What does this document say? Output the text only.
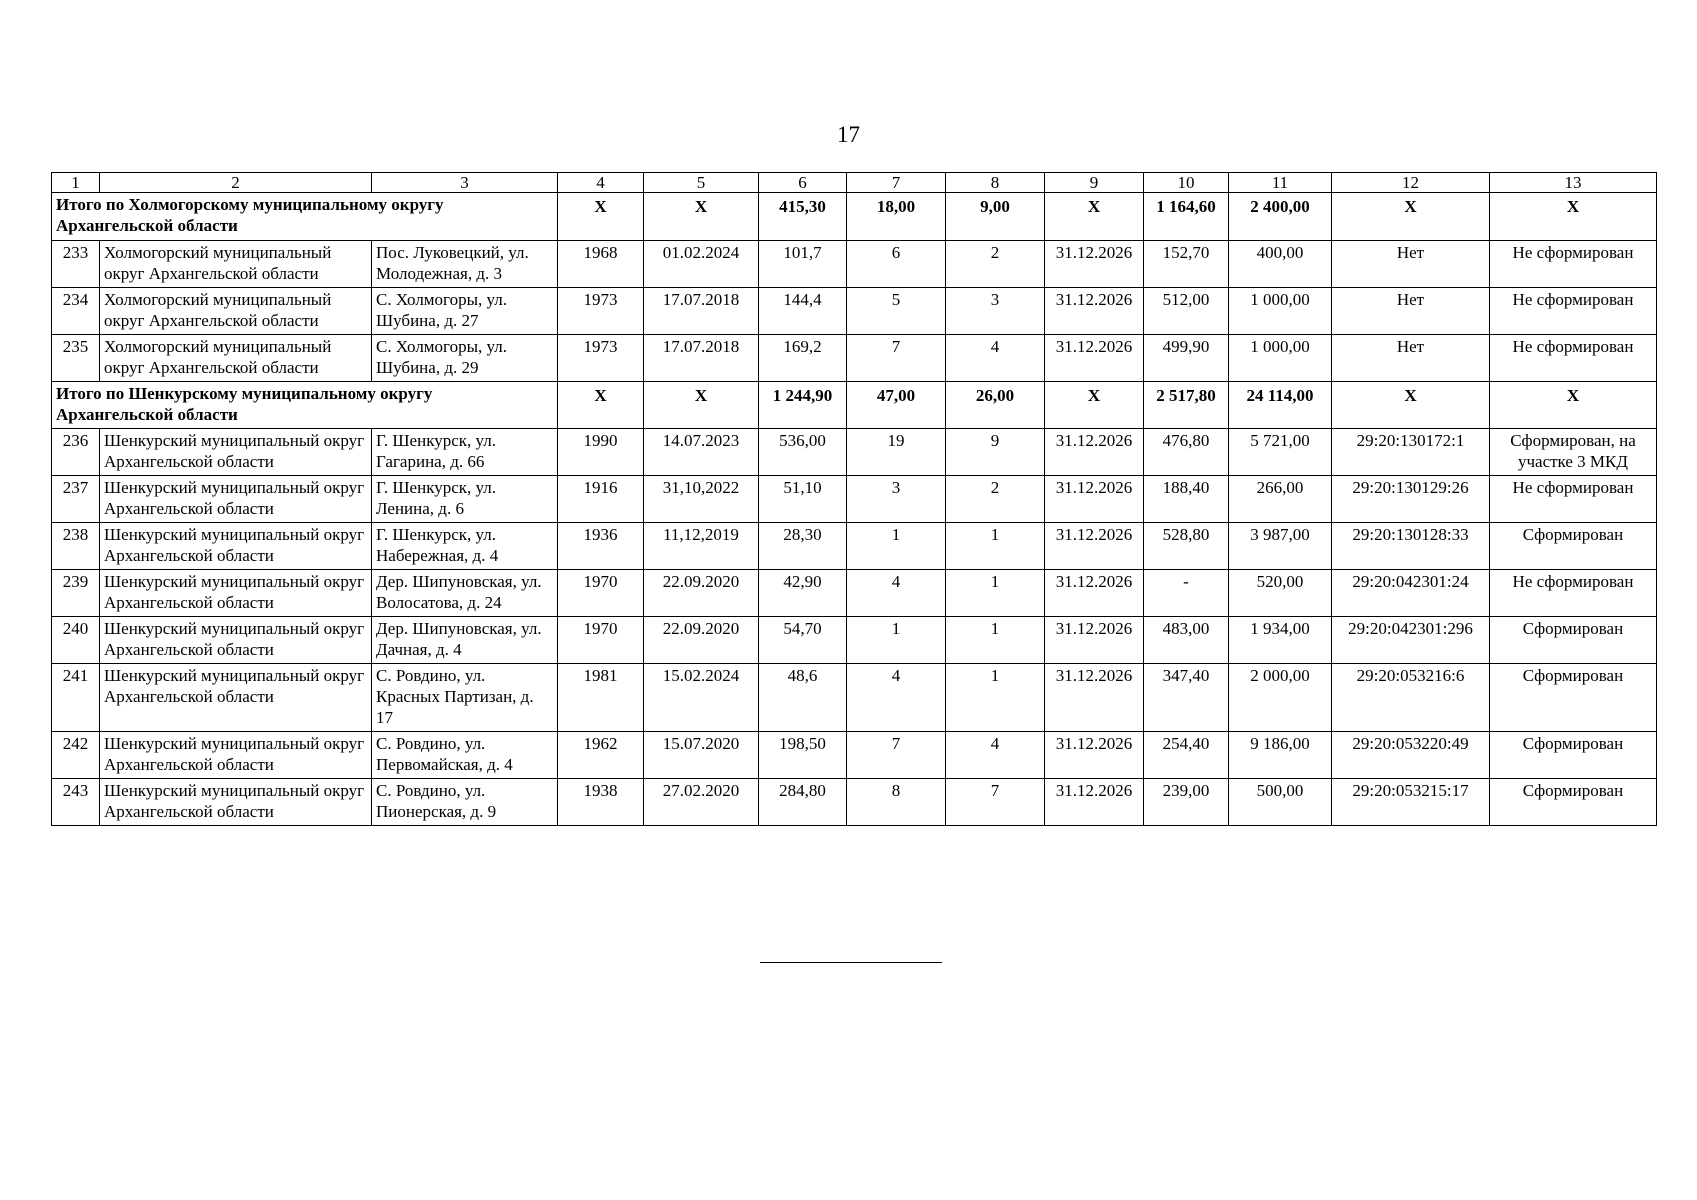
17
1	2	3	4	5	6	7	8	9	10	11	12	13
Итого по Холмогорскому муниципальному округу Архангельской области			X	X	415,30	18,00	9,00	X	1 164,60	2 400,00	X	X
233	Холмогорский муниципальный округ Архангельской области	Пос. Луковецкий, ул. Молодежная, д. 3	1968	01.02.2024	101,7	6	2	31.12.2026	152,70	400,00	Нет	Не сформирован
234	Холмогорский муниципальный округ Архангельской области	С. Холмогоры, ул. Шубина, д. 27	1973	17.07.2018	144,4	5	3	31.12.2026	512,00	1 000,00	Нет	Не сформирован
235	Холмогорский муниципальный округ Архангельской области	С. Холмогоры, ул. Шубина, д. 29	1973	17.07.2018	169,2	7	4	31.12.2026	499,90	1 000,00	Нет	Не сформирован
Итого по Шенкурскому муниципальному округу Архангельской области			X	X	1 244,90	47,00	26,00	X	2 517,80	24 114,00	X	X
236	Шенкурский муниципальный округ Архангельской области	Г. Шенкурск, ул. Гагарина, д. 66	1990	14.07.2023	536,00	19	9	31.12.2026	476,80	5 721,00	29:20:130172:1	Сформирован, на участке 3 МКД
237	Шенкурский муниципальный округ Архангельской области	Г. Шенкурск, ул. Ленина, д. 6	1916	31,10,2022	51,10	3	2	31.12.2026	188,40	266,00	29:20:130129:26	Не сформирован
238	Шенкурский муниципальный округ Архангельской области	Г. Шенкурск, ул. Набережная, д. 4	1936	11,12,2019	28,30	1	1	31.12.2026	528,80	3 987,00	29:20:130128:33	Сформирован
239	Шенкурский муниципальный округ Архангельской области	Дер. Шипуновская, ул. Волосатова, д. 24	1970	22.09.2020	42,90	4	1	31.12.2026	-	520,00	29:20:042301:24	Не сформирован
240	Шенкурский муниципальный округ Архангельской области	Дер. Шипуновская, ул. Дачная, д. 4	1970	22.09.2020	54,70	1	1	31.12.2026	483,00	1 934,00	29:20:042301:296	Сформирован
241	Шенкурский муниципальный округ Архангельской области	С. Ровдино, ул. Красных Партизан, д. 17	1981	15.02.2024	48,6	4	1	31.12.2026	347,40	2 000,00	29:20:053216:6	Сформирован
242	Шенкурский муниципальный округ Архангельской области	С. Ровдино, ул. Первомайская, д. 4	1962	15.07.2020	198,50	7	4	31.12.2026	254,40	9 186,00	29:20:053220:49	Сформирован
243	Шенкурский муниципальный округ Архангельской области	С. Ровдино, ул. Пионерская, д. 9	1938	27.02.2020	284,80	8	7	31.12.2026	239,00	500,00	29:20:053215:17	Сформирован
